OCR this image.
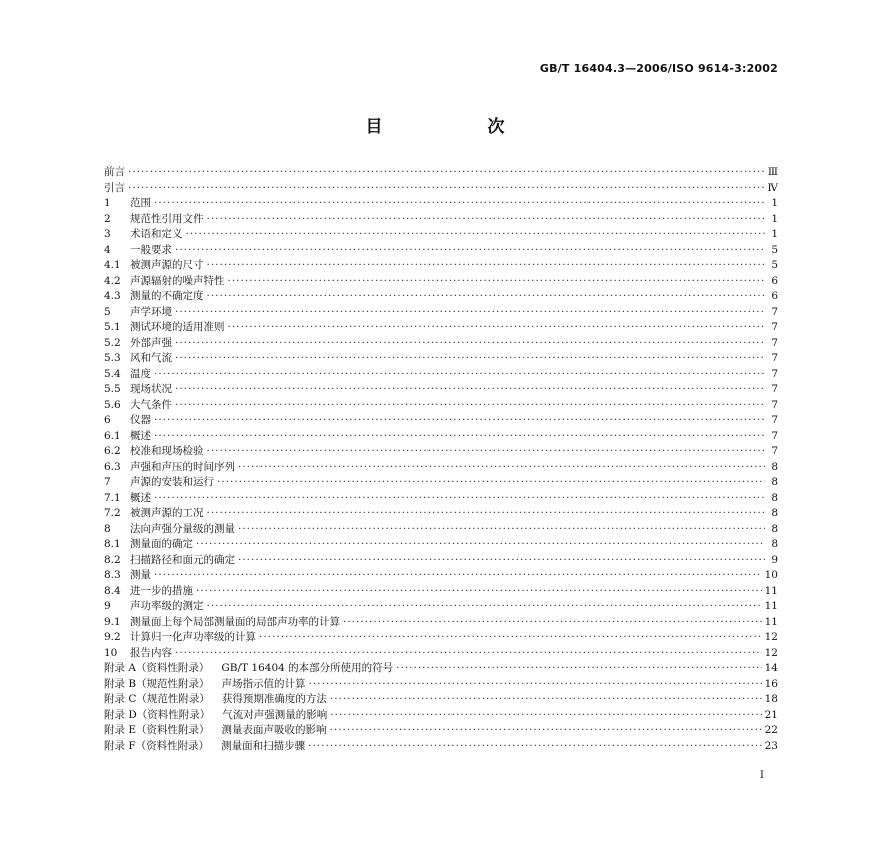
GB/T 16404.3—2006/ISO 9614-3:2002
目　次
前言 ·····	Ⅲ
引言 ·····	Ⅳ
1	范围 ·····	1
2	规范性引用文件 ·····	1
3	术语和定义 ·····	1
4	一般要求 ·····	5
4.1 被测声源的尺寸 ·····	5
4.2 声源辐射的噪声特性 ·····	6
4.3 测量的不确定度 ·····	6
5	声学环境 ·····	7
5.1 测试环境的适用准则 ·····	7
5.2 外部声强 ·····	7
5.3 风和气流 ·····	7
5.4 温度 ·····	7
5.5 现场状况 ·····	7
5.6 大气条件 ·····	7
6	仪器 ·····	7
6.1 概述 ·····	7
6.2 校准和现场检验 ·····	7
6.3 声强和声压的时间序列 ·····	8
7	声源的安装和运行 ·····	8
7.1 概述 ·····	8
7.2 被测声源的工况 ·····	8
8	法向声强分量级的测量 ·····	8
8.1 测量面的确定 ·····	8
8.2 扫描路径和面元的确定 ·····	9
8.3 测量 ·····	10
8.4 进一步的措施 ·····	11
9	声功率级的测定 ·····	11
9.1 测量面上每个局部测量面的局部声功率的计算 ·····	11
9.2 计算归一化声功率级的计算 ·····	12
10	报告内容 ·····	12
附录 A（资料性附录）	GB/T 16404 的本部分所使用的符号 ·····	14
附录 B（规范性附录）	声场指示值的计算 ·····	16
附录 C（规范性附录）	获得预期准确度的方法 ·····	18
附录 D（资料性附录）	气流对声强测量的影响 ·····	21
附录 E（资料性附录）	测量表面声吸收的影响 ·····	22
附录 F（资料性附录）	测量面和扫描步骤 ·····	23
I
